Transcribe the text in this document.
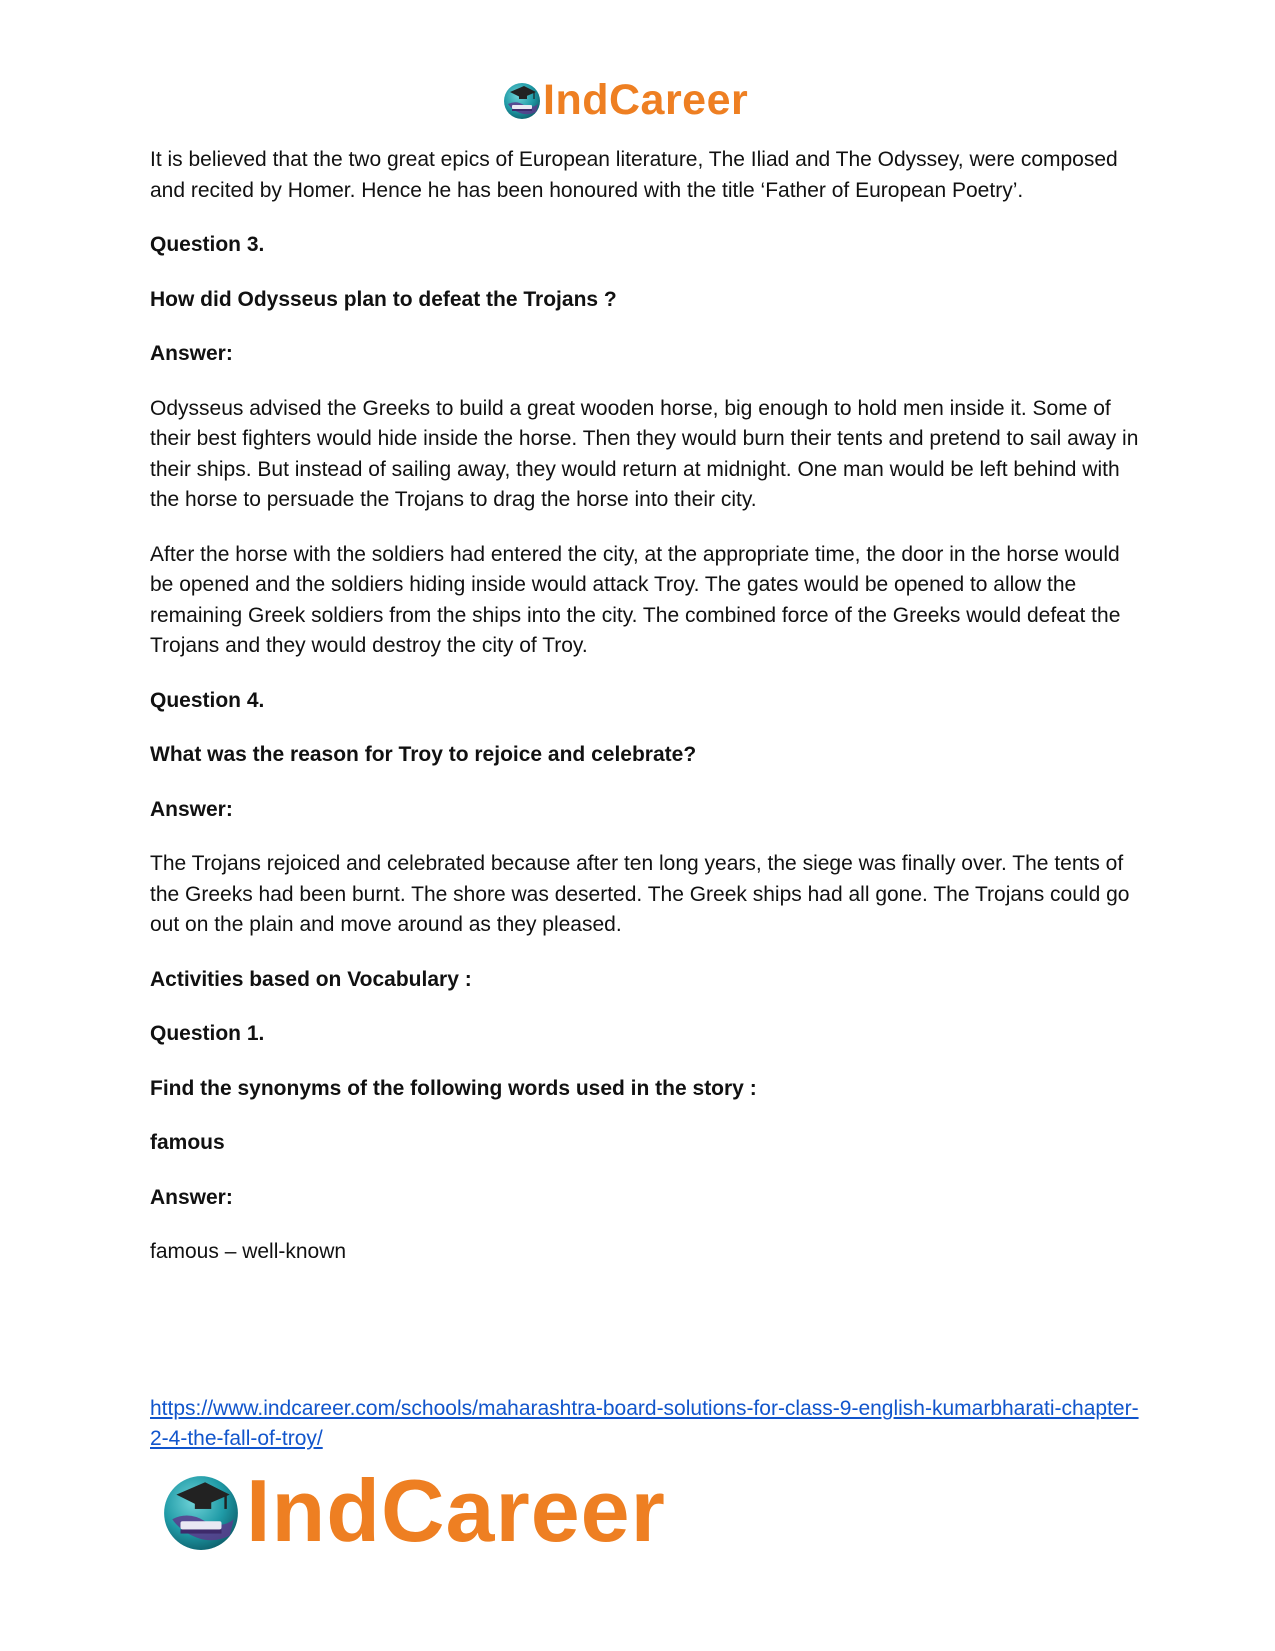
IndCareer

It is believed that the two great epics of European literature, The Iliad and The Odyssey, were composed and recited by Homer. Hence he has been honoured with the title ‘Father of European Poetry’.

Question 3.

How did Odysseus plan to defeat the Trojans ?

Answer:

Odysseus advised the Greeks to build a great wooden horse, big enough to hold men inside it. Some of their best fighters would hide inside the horse. Then they would burn their tents and pretend to sail away in their ships. But instead of sailing away, they would return at midnight. One man would be left behind with the horse to persuade the Trojans to drag the horse into their city.

After the horse with the soldiers had entered the city, at the appropriate time, the door in the horse would be opened and the soldiers hiding inside would attack Troy. The gates would be opened to allow the remaining Greek soldiers from the ships into the city. The combined force of the Greeks would defeat the Trojans and they would destroy the city of Troy.

Question 4.

What was the reason for Troy to rejoice and celebrate?

Answer:

The Trojans rejoiced and celebrated because after ten long years, the siege was finally over. The tents of the Greeks had been burnt. The shore was deserted. The Greek ships had all gone. The Trojans could go out on the plain and move around as they pleased.

Activities based on Vocabulary :

Question 1.

Find the synonyms of the following words used in the story :

famous

Answer:

famous – well-known

https://www.indcareer.com/schools/maharashtra-board-solutions-for-class-9-english-kumarbharati-chapter-2-4-the-fall-of-troy/
IndCareer
